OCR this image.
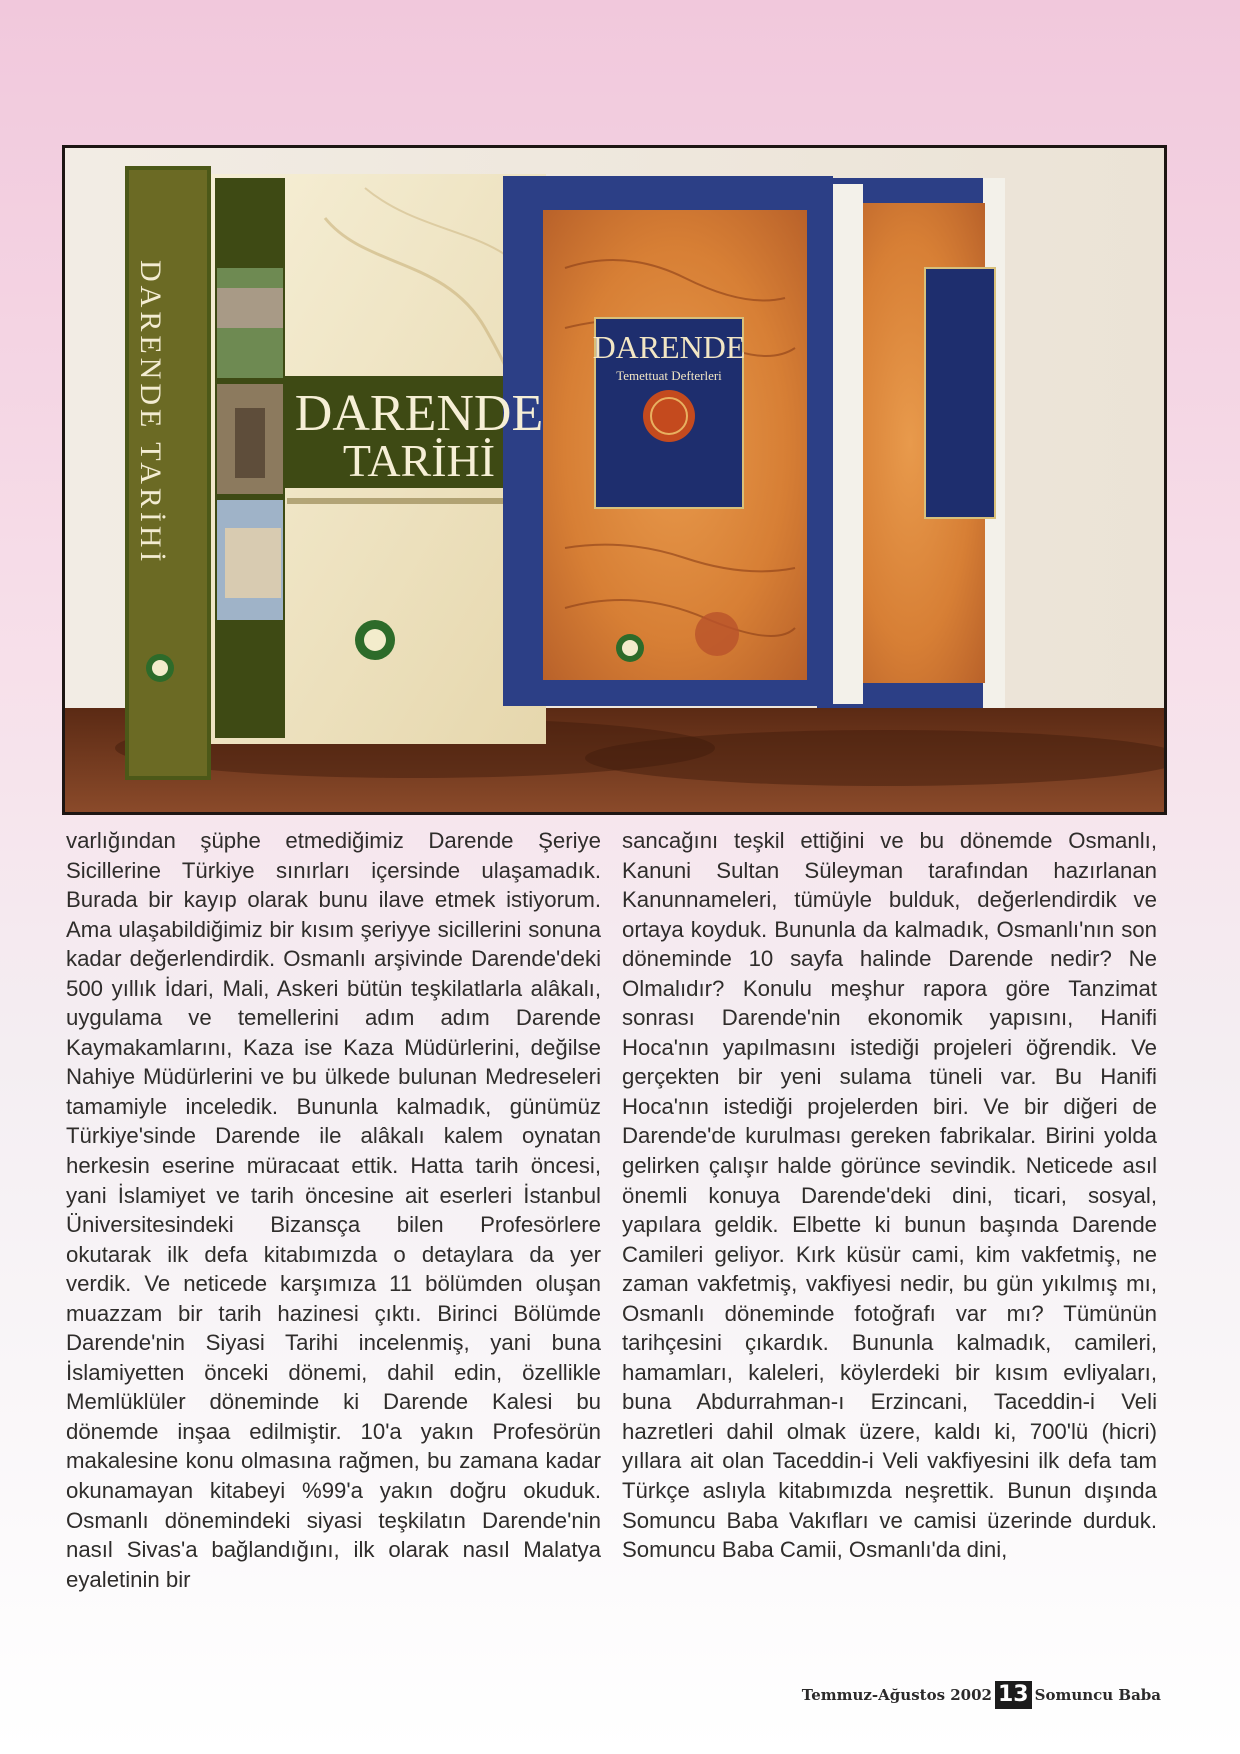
DARENDE TARİHİ DARENDE
TARİHİ
DARENDE
Temettuat Defterleri

varlığından şüphe etmediğimiz Darende Şeriye Sicillerine Türkiye sınırları içersinde ulaşamadık. Burada bir kayıp olarak bunu ilave etmek istiyorum. Ama ulaşabildiğimiz bir kısım şeriyye sicillerini sonuna kadar değerlendirdik. Osmanlı arşivinde Darende'deki 500 yıllık İdari, Mali, Askeri bütün teşkilatlarla alâkalı, uygulama ve temellerini adım adım Darende Kaymakamlarını, Kaza ise Kaza Müdürlerini, değilse Nahiye Müdürlerini ve bu ülkede bulunan Medreseleri tamamiyle inceledik. Bununla kalmadık, günümüz Türkiye'sinde Darende ile alâkalı kalem oynatan herkesin eserine müracaat ettik. Hatta tarih öncesi, yani İslamiyet ve tarih öncesine ait eserleri İstanbul Üniversitesindeki Bizansça bilen Profesörlere okutarak ilk defa kitabımızda o detaylara da yer verdik. Ve neticede karşımıza 11 bölümden oluşan muazzam bir tarih hazinesi çıktı. Birinci Bölümde Darende'nin Siyasi Tarihi incelenmiş, yani buna İslamiyetten önceki dönemi, dahil edin, özellikle Memlüklüler döneminde ki Darende Kalesi bu dönemde inşaa edilmiştir. 10'a yakın Profesörün makalesine konu olmasına rağmen, bu zamana kadar okunamayan kitabeyi %99'a yakın doğru okuduk. Osmanlı dönemindeki siyasi teşkilatın Darende'nin nasıl Sivas'a bağlandığını, ilk olarak nasıl Malatya eyaletinin bir

sancağını teşkil ettiğini ve bu dönemde Osmanlı, Kanuni Sultan Süleyman tarafından hazırlanan Kanunnameleri, tümüyle bulduk, değerlendirdik ve ortaya koyduk. Bununla da kalmadık, Osmanlı'nın son döneminde 10 sayfa halinde Darende nedir? Ne Olmalıdır? Konulu meşhur rapora göre Tanzimat sonrası Darende'nin ekonomik yapısını, Hanifi Hoca'nın yapılmasını istediği projeleri öğrendik. Ve gerçekten bir yeni sulama tüneli var. Bu Hanifi Hoca'nın istediği projelerden biri. Ve bir diğeri de Darende'de kurulması gereken fabrikalar. Birini yolda gelirken çalışır halde görünce sevindik. Neticede asıl önemli konuya Darende'deki dini, ticari, sosyal, yapılara geldik. Elbette ki bunun başında Darende Camileri geliyor. Kırk küsür cami, kim vakfetmiş, ne zaman vakfetmiş, vakfiyesi nedir, bu gün yıkılmış mı, Osmanlı döneminde fotoğrafı var mı? Tümünün tarihçesini çıkardık. Bununla kalmadık, camileri, hamamları, kaleleri, köylerdeki bir kısım evliyaları, buna Abdurrahman-ı Erzincani, Taceddin-i Veli hazretleri dahil olmak üzere, kaldı ki, 700'lü (hicri) yıllara ait olan Taceddin-i Veli vakfiyesini ilk defa tam Türkçe aslıyla kitabımızda neşrettik. Bunun dışında Somuncu Baba Vakıfları ve camisi üzerinde durduk. Somuncu Baba Camii, Osmanlı'da dini,

Temmuz-Ağustos 2002 13 Somuncu Baba
